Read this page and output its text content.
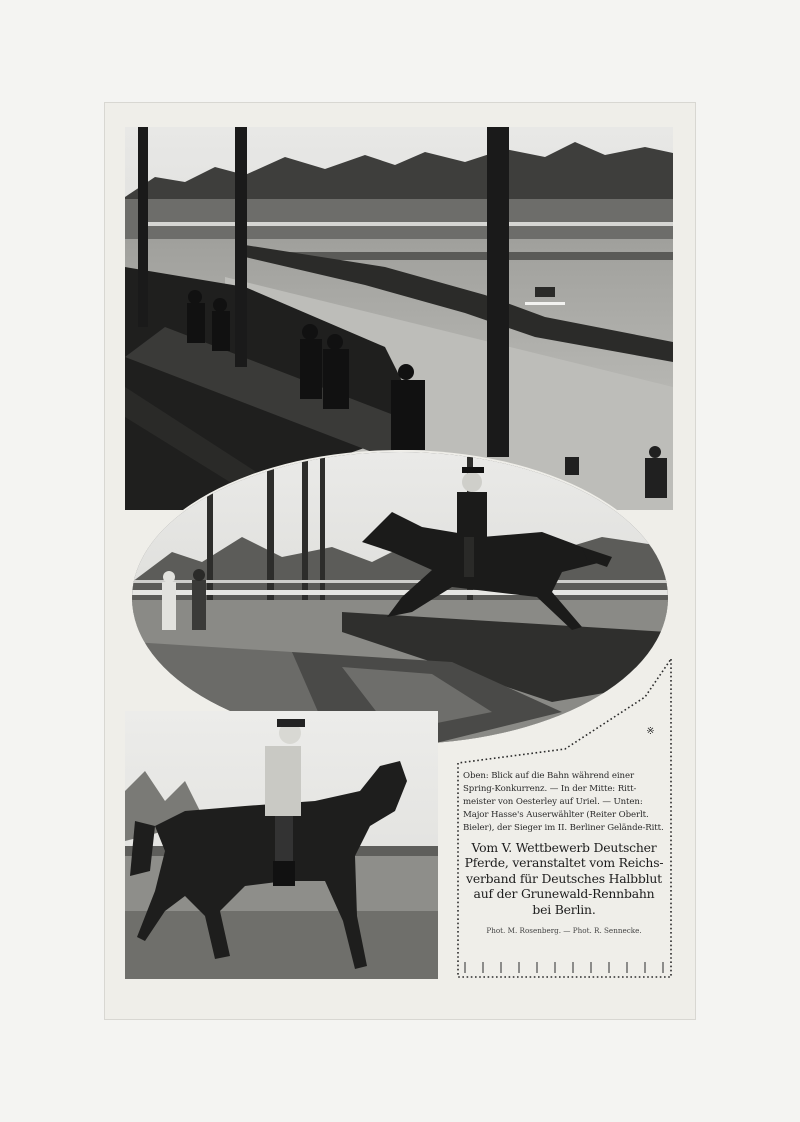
※
Oben: Blick auf die Bahn während einer
Spring-Konkurrenz. — In der Mitte: Ritt-
meister von Oesterley auf Uriel. — Unten:
Major Hasse's Auserwählter (Reiter Oberlt.
Bieler), der Sieger im II. Berliner Gelände-Ritt.
Vom V. Wettbewerb Deutscher
Pferde, veranstaltet vom Reichs-
verband für Deutsches Halbblut
auf der Grunewald-Rennbahn
bei Berlin.
Phot. M. Rosenberg. — Phot. R. Sennecke.
